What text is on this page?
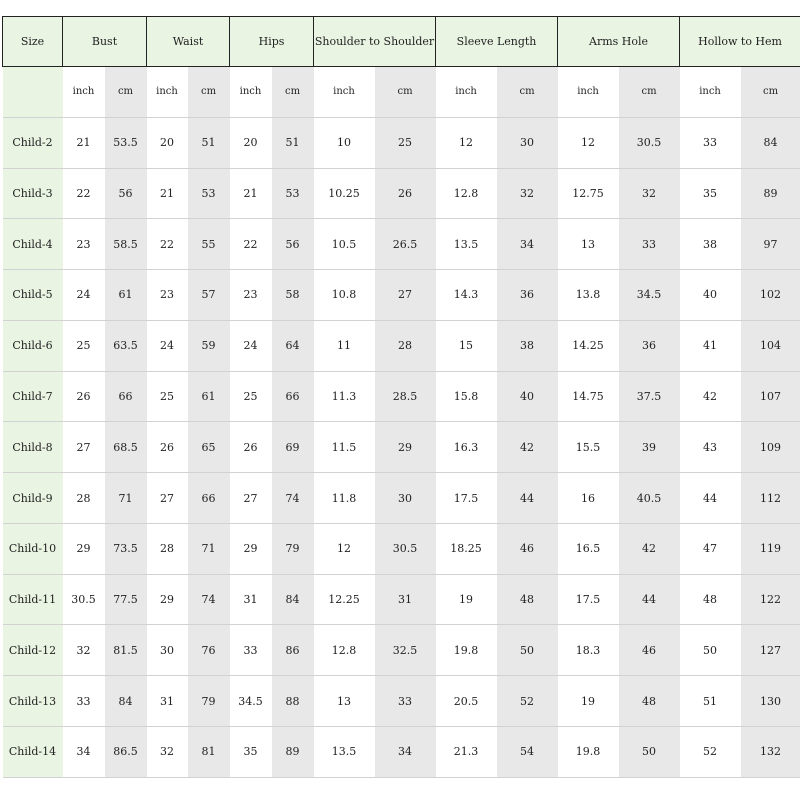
Size	Bust		Waist		Hips		Shoulder to Shoulder		Sleeve Length		Arms Hole		Hollow to Hem	
	inch	cm	inch	cm	inch	cm	inch	cm	inch	cm	inch	cm	inch	cm
Child-2	21	53.5	20	51	20	51	10	25	12	30	12	30.5	33	84
Child-3	22	56	21	53	21	53	10.25	26	12.8	32	12.75	32	35	89
Child-4	23	58.5	22	55	22	56	10.5	26.5	13.5	34	13	33	38	97
Child-5	24	61	23	57	23	58	10.8	27	14.3	36	13.8	34.5	40	102
Child-6	25	63.5	24	59	24	64	11	28	15	38	14.25	36	41	104
Child-7	26	66	25	61	25	66	11.3	28.5	15.8	40	14.75	37.5	42	107
Child-8	27	68.5	26	65	26	69	11.5	29	16.3	42	15.5	39	43	109
Child-9	28	71	27	66	27	74	11.8	30	17.5	44	16	40.5	44	112
Child-10	29	73.5	28	71	29	79	12	30.5	18.25	46	16.5	42	47	119
Child-11	30.5	77.5	29	74	31	84	12.25	31	19	48	17.5	44	48	122
Child-12	32	81.5	30	76	33	86	12.8	32.5	19.8	50	18.3	46	50	127
Child-13	33	84	31	79	34.5	88	13	33	20.5	52	19	48	51	130
Child-14	34	86.5	32	81	35	89	13.5	34	21.3	54	19.8	50	52	132
